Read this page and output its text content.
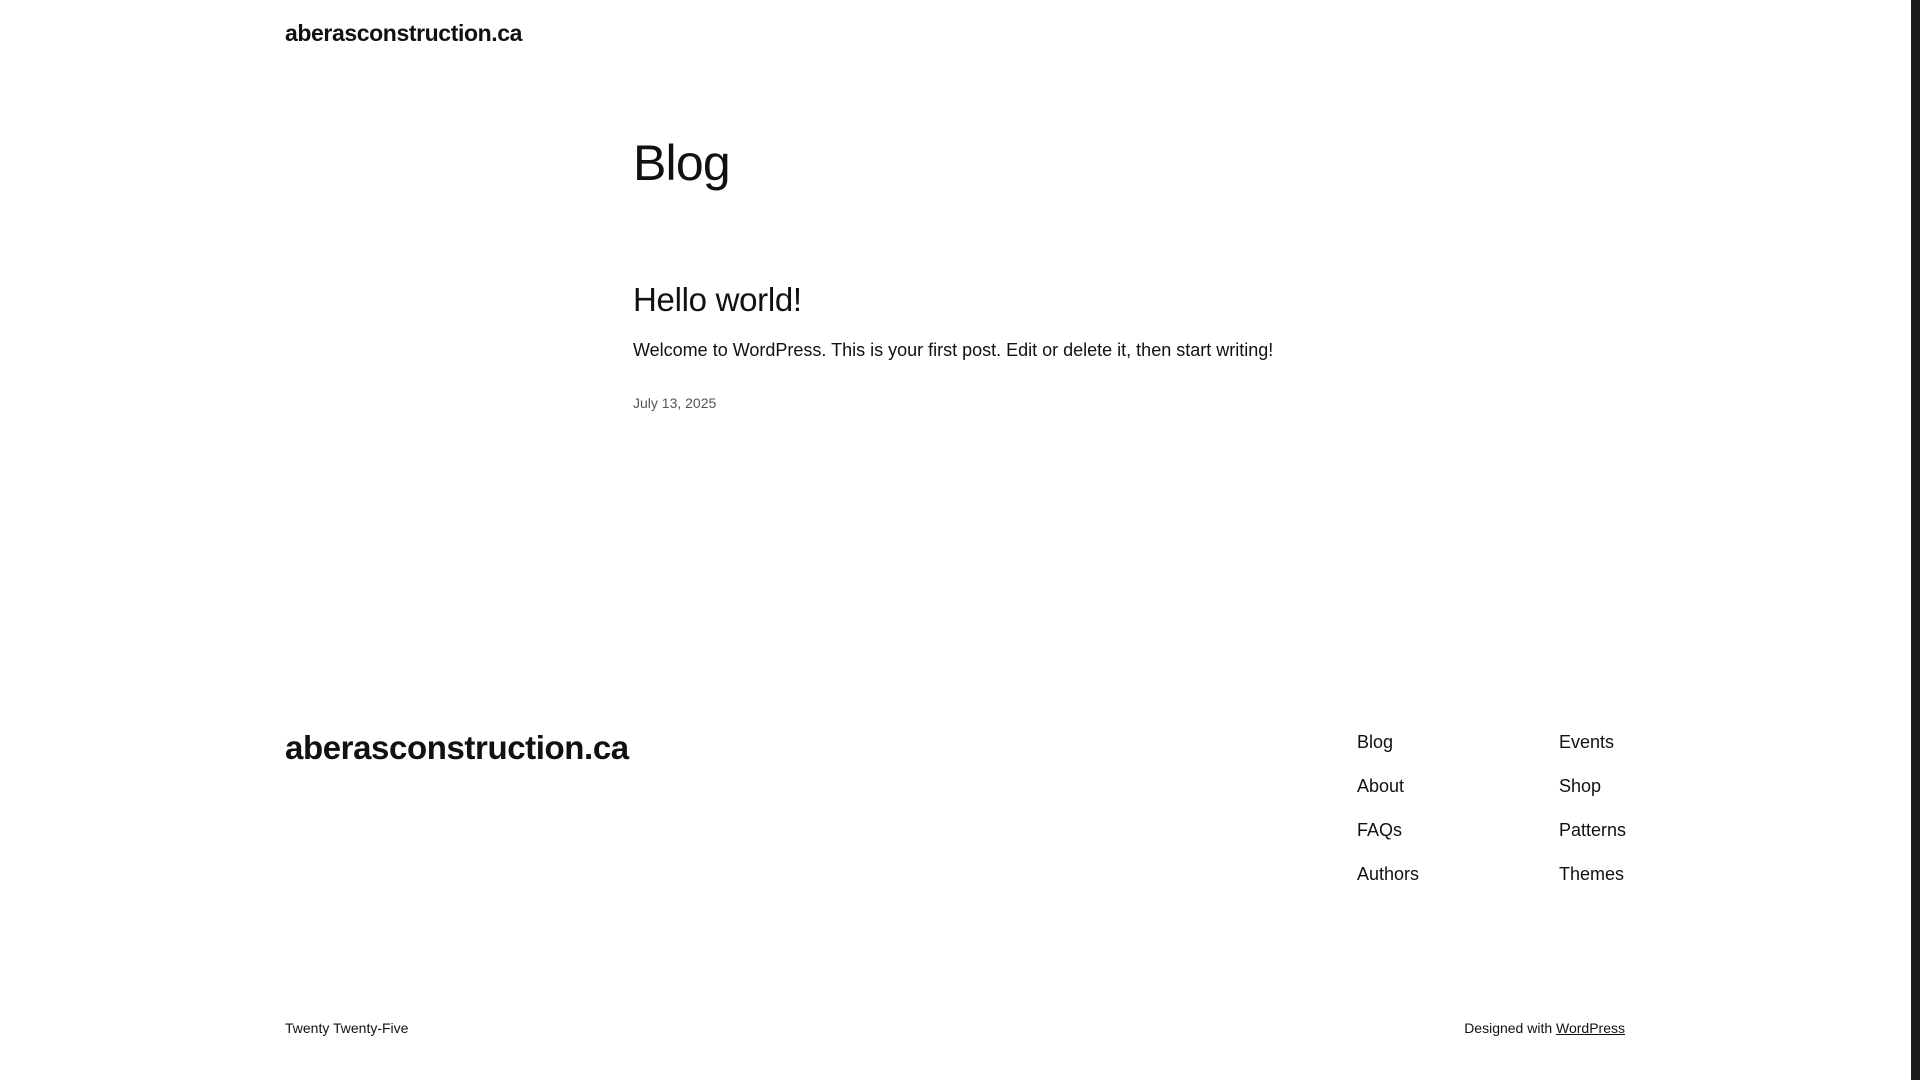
aberasconstruction.ca
Blog
Hello world!

Welcome to WordPress. This is your first post. Edit or delete it, then start writing!

July 13, 2025
aberasconstruction.ca	Blog
About
FAQs
Authors
Events
Shop
Patterns
Themes
Twenty Twenty-Five	Designed with WordPress
